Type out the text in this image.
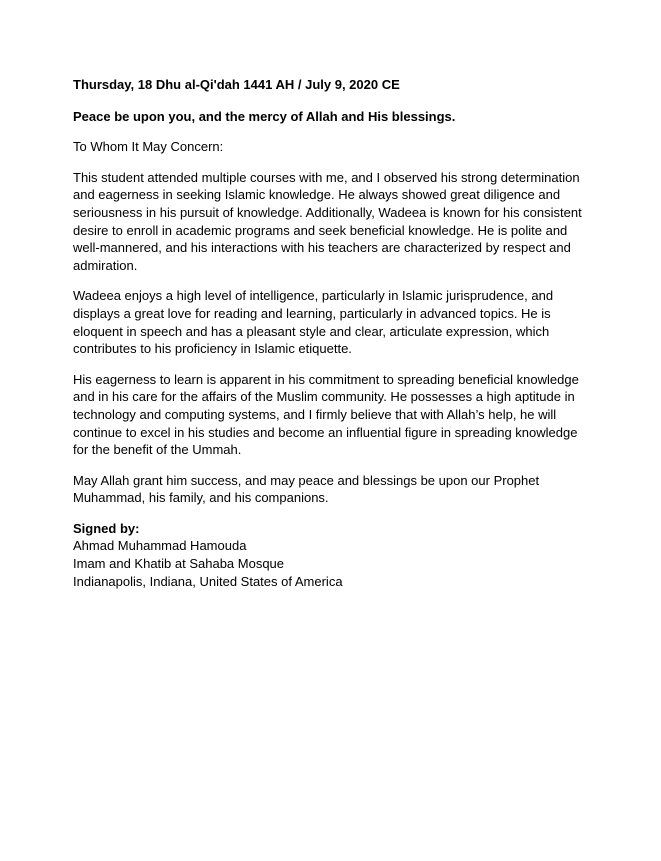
Thursday, 18 Dhu al-Qi'dah 1441 AH / July 9, 2020 CE

Peace be upon you, and the mercy of Allah and His blessings.

To Whom It May Concern:

This student attended multiple courses with me, and I observed his strong determination and eagerness in seeking Islamic knowledge. He always showed great diligence and seriousness in his pursuit of knowledge. Additionally, Wadeea is known for his consistent desire to enroll in academic programs and seek beneficial knowledge. He is polite and well-mannered, and his interactions with his teachers are characterized by respect and admiration.

Wadeea enjoys a high level of intelligence, particularly in Islamic jurisprudence, and displays a great love for reading and learning, particularly in advanced topics. He is eloquent in speech and has a pleasant style and clear, articulate expression, which contributes to his proficiency in Islamic etiquette.

His eagerness to learn is apparent in his commitment to spreading beneficial knowledge and in his care for the affairs of the Muslim community. He possesses a high aptitude in technology and computing systems, and I firmly believe that with Allah’s help, he will continue to excel in his studies and become an influential figure in spreading knowledge for the benefit of the Ummah.

May Allah grant him success, and may peace and blessings be upon our Prophet Muhammad, his family, and his companions.

Signed by:
Ahmad Muhammad Hamouda
Imam and Khatib at Sahaba Mosque
Indianapolis, Indiana, United States of America
